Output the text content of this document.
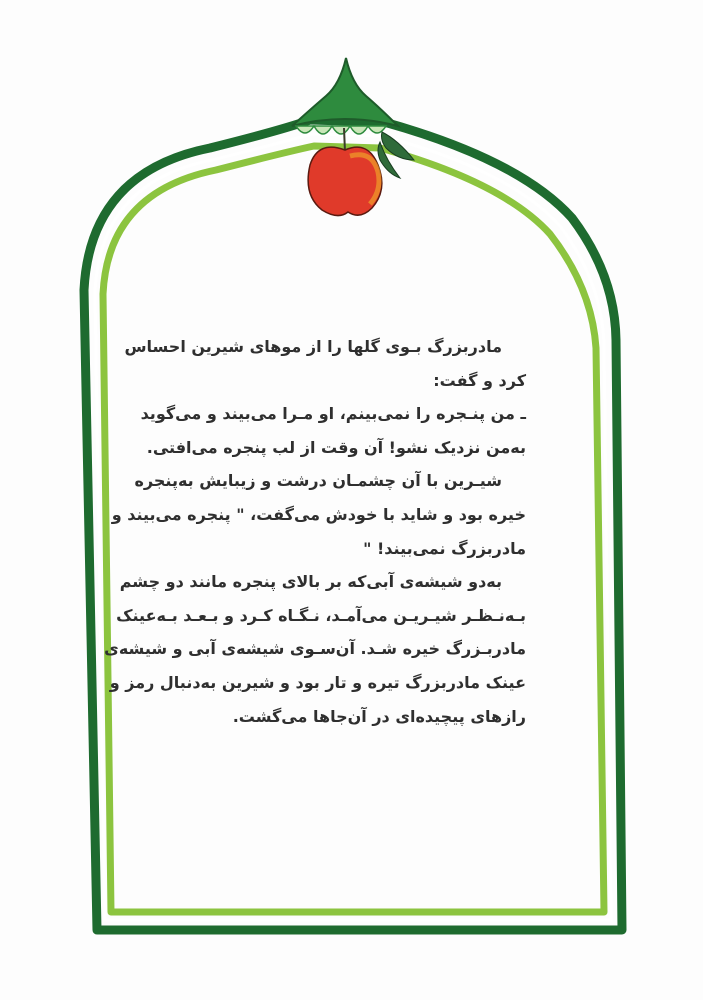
مادربزرگ بـوی گلها را از موهای شیرین احساس
کرد و گفت:

ـ من پنـجره را نمی‌بینم، او مـرا می‌بیند و می‌گوید
به‌من نزدیک نشو! آن وقت از لب پنجره می‌افتی.

شیـرین با آن چشمـان درشت و زیبایش به‌پنجره
خیره بود و شاید با خودش می‌گفت، " پنجره می‌بیند و
مادربزرگ نمی‌بیند! "

به‌دو شیشه‌ی آبی‌که بر بالای پنجره مانند دو چشم
بـه‌نـظـر شیـریـن می‌آمـد، نـگـاه کـرد و بـعـد بـه‌عینک
مادربـزرگ خیره شـد. آن‌سـوی شیشه‌ی آبی و شیشه‌ی
عینک مادربزرگ تیره و تار بود و شیرین به‌دنبال رمز و
رازهای پیچیده‌ای در آن‌جاها می‌گشت.
